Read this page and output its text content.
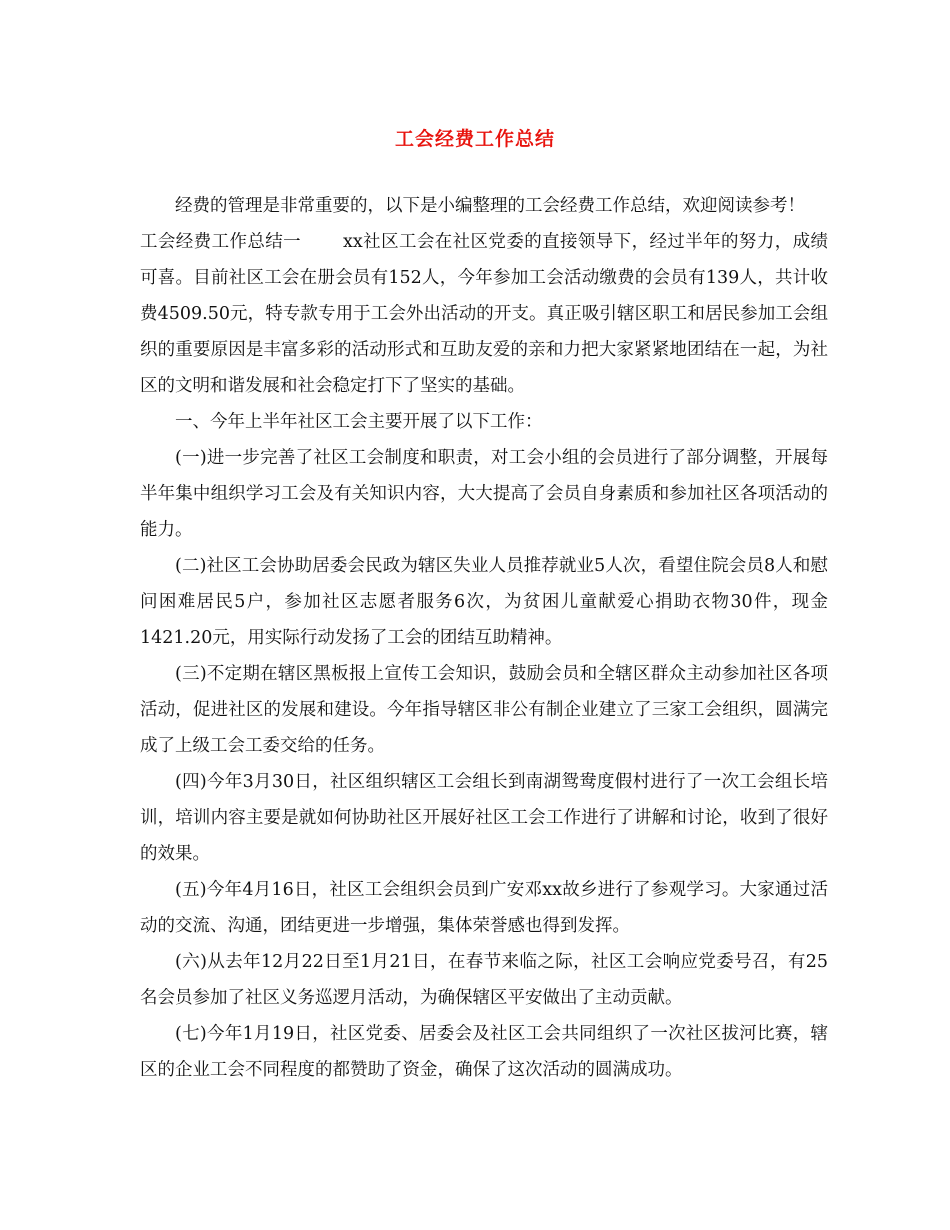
工会经费工作总结

经费的管理是非常重要的，以下是小编整理的工会经费工作总结，欢迎阅读参考！

工会经费工作总结一 xx社区工会在社区党委的直接领导下，经过半年的努力，成绩可喜。目前社区工会在册会员有152人，今年参加工会活动缴费的会员有139人，共计收费4509.50元，特专款专用于工会外出活动的开支。真正吸引辖区职工和居民参加工会组织的重要原因是丰富多彩的活动形式和互助友爱的亲和力把大家紧紧地团结在一起，为社区的文明和谐发展和社会稳定打下了坚实的基础。

一、今年上半年社区工会主要开展了以下工作：

(一)进一步完善了社区工会制度和职责，对工会小组的会员进行了部分调整，开展每半年集中组织学习工会及有关知识内容，大大提高了会员自身素质和参加社区各项活动的能力。

(二)社区工会协助居委会民政为辖区失业人员推荐就业5人次，看望住院会员8人和慰问困难居民5户，参加社区志愿者服务6次，为贫困儿童献爱心捐助衣物30件，现金1421.20元，用实际行动发扬了工会的团结互助精神。

(三)不定期在辖区黑板报上宣传工会知识，鼓励会员和全辖区群众主动参加社区各项活动，促进社区的发展和建设。今年指导辖区非公有制企业建立了三家工会组织，圆满完成了上级工会工委交给的任务。

(四)今年3月30日，社区组织辖区工会组长到南湖鸳鸯度假村进行了一次工会组长培训，培训内容主要是就如何协助社区开展好社区工会工作进行了讲解和讨论，收到了很好的效果。

(五)今年4月16日，社区工会组织会员到广安邓xx故乡进行了参观学习。大家通过活动的交流、沟通，团结更进一步增强，集体荣誉感也得到发挥。

(六)从去年12月22日至1月21日，在春节来临之际，社区工会响应党委号召，有25名会员参加了社区义务巡逻月活动，为确保辖区平安做出了主动贡献。

(七)今年1月19日，社区党委、居委会及社区工会共同组织了一次社区拔河比赛，辖区的企业工会不同程度的都赞助了资金，确保了这次活动的圆满成功。
